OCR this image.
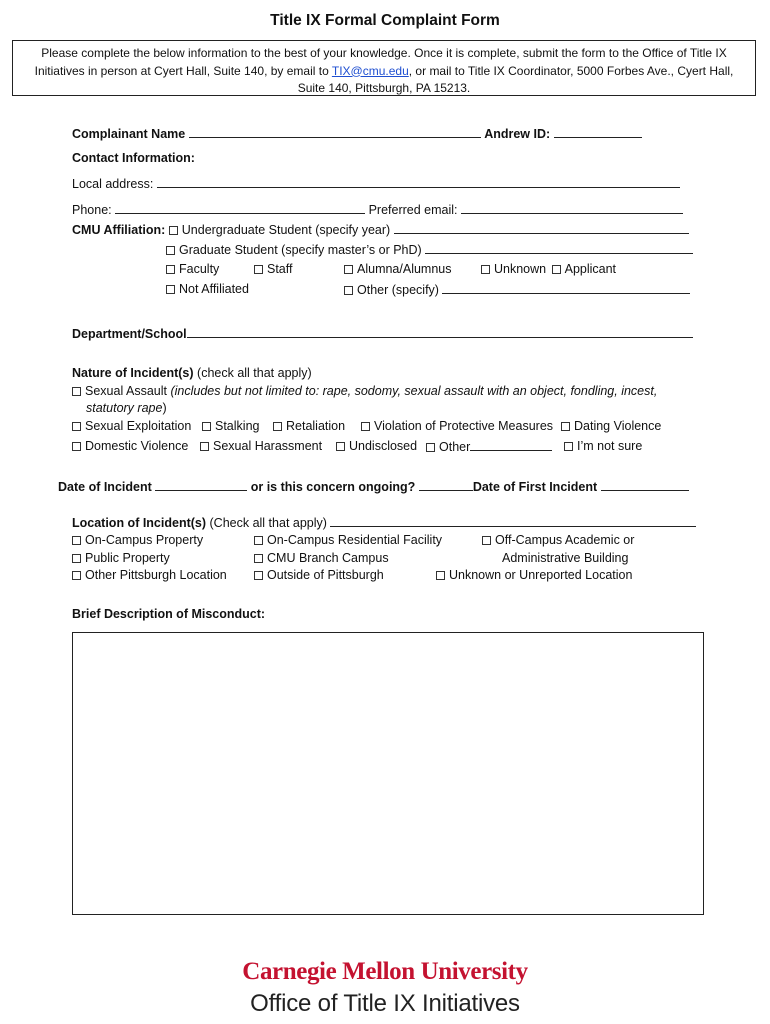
Title IX Formal Complaint Form
Please complete the below information to the best of your knowledge. Once it is complete, submit the form to the Office of Title IX Initiatives in person at Cyert Hall, Suite 140, by email to TIX@cmu.edu, or mail to Title IX Coordinator, 5000 Forbes Ave., Cyert Hall, Suite 140, Pittsburgh, PA 15213.
Complainant Name	Andrew ID:
Contact Information:
Local address:
Phone:	Preferred email:
CMU Affiliation: Undergraduate Student (specify year)
Graduate Student (specify master’s or PhD)
Faculty	Staff	Alumna/Alumnus	Unknown Applicant
Not Affiliated	Other (specify)
Department/School
Nature of Incident(s) (check all that apply)
Sexual Assault (includes but not limited to: rape, sodomy, sexual assault with an object, fondling, incest,
statutory rape)
Sexual Exploitation	Stalking	Retaliation	Violation of Protective Measures	Dating Violence
Domestic Violence	Sexual Harassment	Undisclosed	Other	I’m not sure
Date of Incident	or is this concern ongoing?	Date of First Incident
Location of Incident(s) (Check all that apply)
On-Campus Property	On-Campus Residential Facility	Off-Campus Academic or
Administrative Building
Public Property	CMU Branch Campus
Other Pittsburgh Location	Outside of Pittsburgh	Unknown or Unreported Location
Brief Description of Misconduct:
Carnegie Mellon University
Office of Title IX Initiatives
